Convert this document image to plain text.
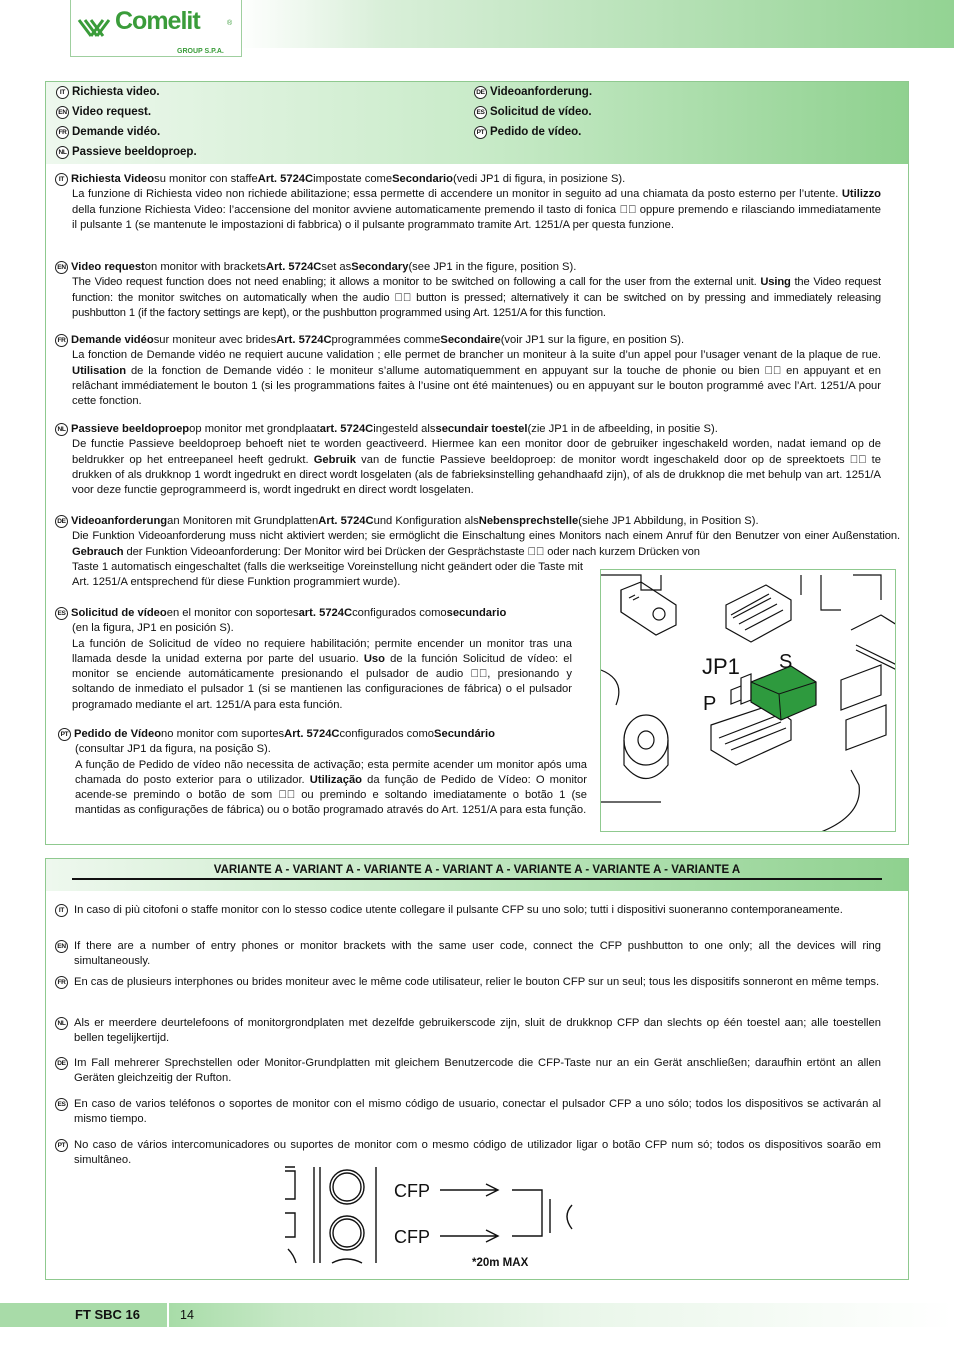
Comelit	®
GROUP S.P.A.
IT Richiesta video.
EN Video request.
FR Demande vidéo.
NL Passieve beeldoproep.
DE Videoanforderung.
ES Solicitud de vídeo.
PT Pedido de vídeo.
IT Richiesta Video su monitor con staffe Art. 5724C impostate come Secondario (vedi JP1 di figura, in posizione S).
La funzione di Richiesta video non richiede abilitazione; essa permette di accendere un monitor in seguito ad una chiamata da posto esterno per l’utente. Utilizzo della funzione Richiesta Video: l’accensione del monitor avviene automaticamente premendo il tasto di fonica ⊲⃒ oppure premendo e rilasciando immediatamente il pulsante 1 (se mantenute le impostazioni di fabbrica) o il pulsante programmato tramite Art. 1251/A per questa funzione.
EN Video request on monitor with brackets Art. 5724C set as Secondary (see JP1 in the figure, position S).
The Video request function does not need enabling; it allows a monitor to be switched on following a call for the user from the external unit. Using the Video request function: the monitor switches on automatically when the audio ⊲⃒ button is pressed; alternatively it can be switched on by pressing and immediately releasing pushbutton 1 (if the factory settings are kept), or the pushbutton programmed using Art. 1251/A for this function.
FR Demande vidéo sur moniteur avec brides Art. 5724C programmées comme Secondaire (voir JP1 sur la figure, en position S).
La fonction de Demande vidéo ne requiert aucune validation ; elle permet de brancher un moniteur à la suite d’un appel pour l’usager venant de la plaque de rue. Utilisation de la fonction de Demande vidéo : le moniteur s’allume automatiquemment en appuyant sur la touche de phonie ou bien ⊲⃒ en appuyant et en relâchant immédiatement le bouton 1 (si les programmations faites à l’usine ont été maintenues) ou en appuyant sur le bouton programmé avec l’Art. 1251/A pour cette fonction.
NL Passieve beeldoproep op monitor met grondplaat art. 5724C ingesteld als secundair toestel (zie JP1 in de afbeelding, in positie S).
De functie Passieve beeldoproep behoeft niet te worden geactiveerd. Hiermee kan een monitor door de gebruiker ingeschakeld worden, nadat iemand op de beldrukker op het entreepaneel heeft gedrukt. Gebruik van de functie Passieve beeldoproep: de monitor wordt ingeschakeld door op de spreektoets ⊲⃒ te drukken of als drukknop 1 wordt ingedrukt en direct wordt losgelaten (als de fabrieksinstelling gehandhaafd zijn), of als de drukknop die met behulp van art. 1251/A voor deze functie geprogrammeerd is, wordt ingedrukt en direct wordt losgelaten.
DE Videoanforderung an Monitoren mit Grundplatten Art. 5724C und Konfiguration als Nebensprechstelle (siehe JP1 Abbildung, in Position S).
Die Funktion Videoanforderung muss nicht aktiviert werden; sie ermöglicht die Einschaltung eines Monitors nach einem Anruf für den Benutzer von einer Außenstation. Gebrauch der Funktion Videoanforderung: Der Monitor wird bei Drücken der Gesprächstaste ⊲⃒ oder nach kurzem Drücken von
Taste 1 automatisch eingeschaltet (falls die werkseitige Voreinstellung nicht geändert oder die Taste mit Art. 1251/A entsprechend für diese Funktion programmiert wurde).
ES Solicitud de vídeo en el monitor con soportes art. 5724C configurados como secundario
(en la figura, JP1 en posición S).
La función de Solicitud de vídeo no requiere habilitación; permite encender un monitor tras una llamada desde la unidad externa por parte del usuario. Uso de la función Solicitud de vídeo: el monitor se enciende automáticamente presionando el pulsador de audio ⊲⃒, presionando y soltando de inmediato el pulsador 1 (si se mantienen las configuraciones de fábrica) o el pulsador programado mediante el art. 1251/A para esta función.
PT Pedido de Vídeo no monitor com suportes Art. 5724C configurados como Secundário
(consultar JP1 da figura, na posição S).
A função de Pedido de vídeo não necessita de activação; esta permite acender um monitor após uma chamada do posto exterior para o utilizador. Utilização da função de Pedido de Vídeo: O monitor acende-se premindo o botão de som ⊲⃒ ou premindo e soltando imediatamente o botão 1 (se mantidas as configurações de fábrica) ou o botão programado através do Art. 1251/A para esta função.
JP1 S
P
VARIANTE A - VARIANT A - VARIANTE A - VARIANT A - VARIANTE A - VARIANTE A - VARIANTE A
IT In caso di più citofoni o staffe monitor con lo stesso codice utente collegare il pulsante CFP su uno solo; tutti i dispositivi suoneranno contemporaneamente.
EN If there are a number of entry phones or monitor brackets with the same user code, connect the CFP pushbutton to one only; all the devices will ring simultaneously.
FR En cas de plusieurs interphones ou brides moniteur avec le même code utilisateur, relier le bouton CFP sur un seul; tous les dispositifs sonneront en même temps.
NL Als er meerdere deurtelefoons of monitorgrondplaten met dezelfde gebruikerscode zijn, sluit de drukknop CFP dan slechts op één toestel aan; alle toestellen bellen tegelijkertijd.
DE Im Fall mehrerer Sprechstellen oder Monitor-Grundplatten mit gleichem Benutzercode die CFP-Taste nur an ein Gerät anschließen; daraufhin ertönt an allen Geräten gleichzeitig der Rufton.
ES En caso de varios teléfonos o soportes de monitor con el mismo código de usuario, conectar el pulsador CFP a uno sólo; todos los dispositivos se activarán al mismo tiempo.
PT No caso de vários intercomunicadores ou suportes de monitor com o mesmo código de utilizador ligar o botão CFP num só; todos os dispositivos soarão em simultâneo.
CFP
CFP
*20m MAX
FT SBC 16	14
